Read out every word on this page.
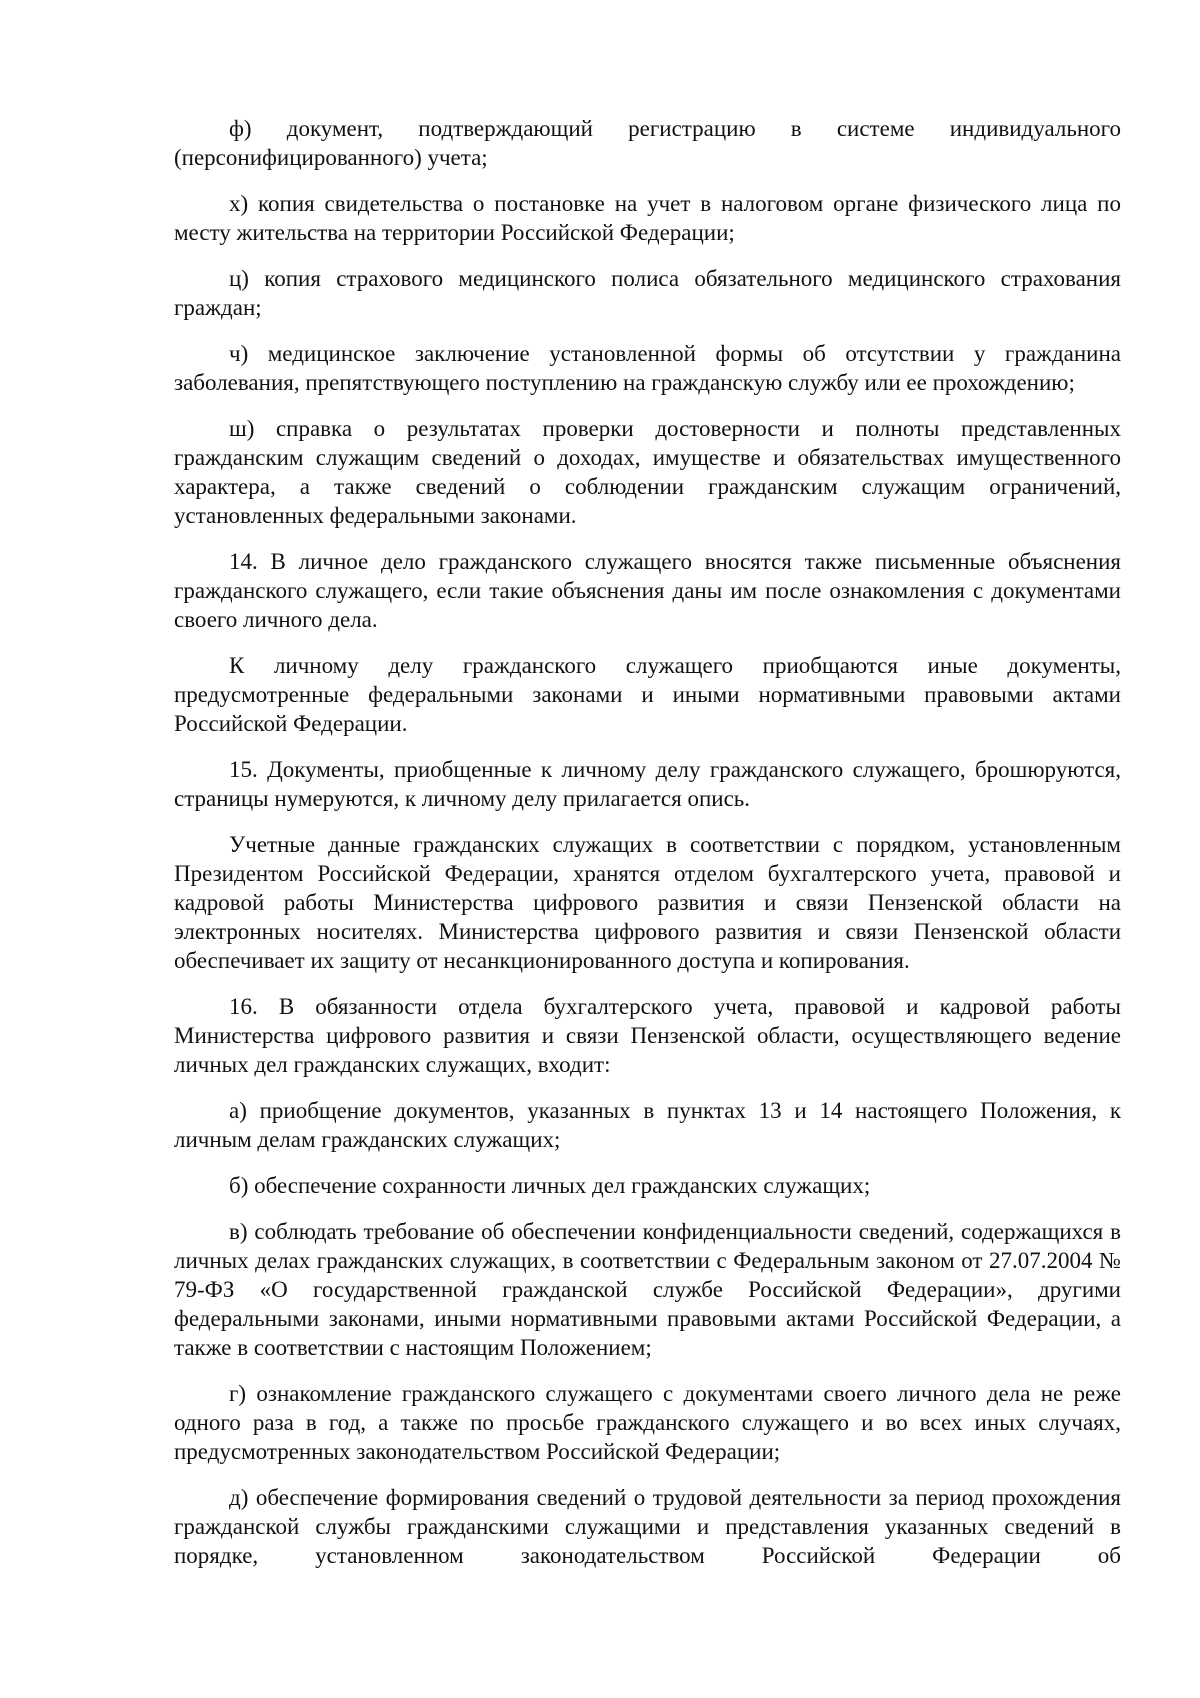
ф) документ, подтверждающий регистрацию в системе индивидуального (персонифицированного) учета;

х) копия свидетельства о постановке на учет в налоговом органе физического лица по месту жительства на территории Российской Федерации;

ц) копия страхового медицинского полиса обязательного медицинского страхования граждан;

ч) медицинское заключение установленной формы об отсутствии у гражданина заболевания, препятствующего поступлению на гражданскую службу или ее прохождению;

ш) справка о результатах проверки достоверности и полноты представленных гражданским служащим сведений о доходах, имуществе и обязательствах имущественного характера, а также сведений о соблюдении гражданским служащим ограничений, установленных федеральными законами.

14. В личное дело гражданского служащего вносятся также письменные объяснения гражданского служащего, если такие объяснения даны им после ознакомления с документами своего личного дела.

К личному делу гражданского служащего приобщаются иные документы, предусмотренные федеральными законами и иными нормативными правовыми актами Российской Федерации.

15. Документы, приобщенные к личному делу гражданского служащего, брошюруются, страницы нумеруются, к личному делу прилагается опись.

Учетные данные гражданских служащих в соответствии с порядком, установленным Президентом Российской Федерации, хранятся отделом бухгалтерского учета, правовой и кадровой работы Министерства цифрового развития и связи Пензенской области на электронных носителях. Министерства цифрового развития и связи Пензенской области обеспечивает их защиту от несанкционированного доступа и копирования.

16. В обязанности отдела бухгалтерского учета, правовой и кадровой работы Министерства цифрового развития и связи Пензенской области, осуществляющего ведение личных дел гражданских служащих, входит:

а) приобщение документов, указанных в пунктах 13 и 14 настоящего Положения, к личным делам гражданских служащих;

б) обеспечение сохранности личных дел гражданских служащих;

в) соблюдать требование об обеспечении конфиденциальности сведений, содержащихся в личных делах гражданских служащих, в соответствии с Федеральным законом от 27.07.2004 № 79-ФЗ «О государственной гражданской службе Российской Федерации», другими федеральными законами, иными нормативными правовыми актами Российской Федерации, а также в соответствии с настоящим Положением;

г) ознакомление гражданского служащего с документами своего личного дела не реже одного раза в год, а также по просьбе гражданского служащего и во всех иных случаях, предусмотренных законодательством Российской Федерации;

д) обеспечение формирования сведений о трудовой деятельности за период прохождения гражданской службы гражданскими служащими и представления указанных сведений в порядке, установленном законодательством Российской Федерации об
